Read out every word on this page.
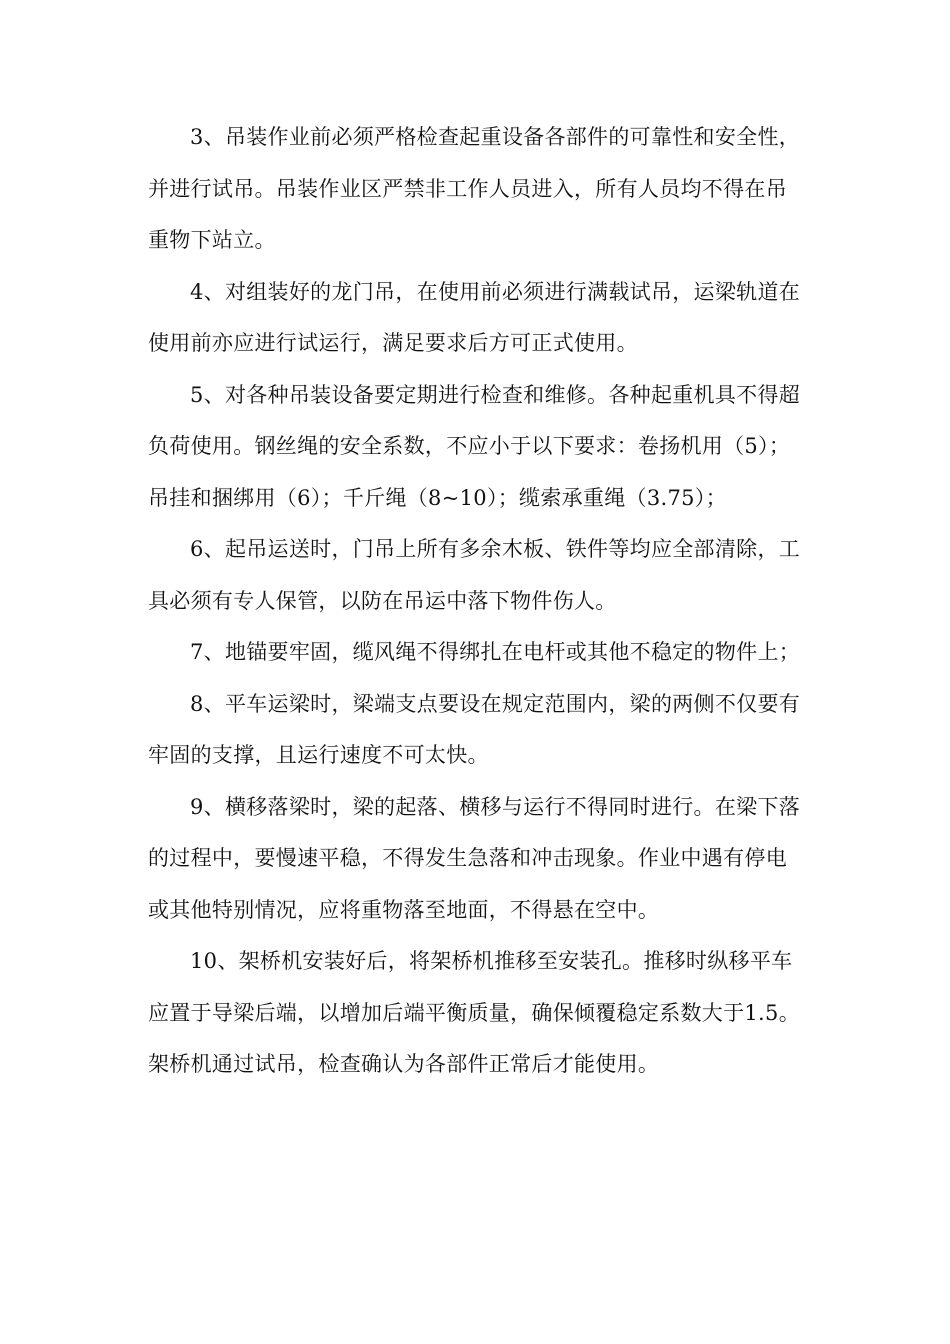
3、吊装作业前必须严格检查起重设备各部件的可靠性和安全性，并进行试吊。吊装作业区严禁非工作人员进入，所有人员均不得在吊重物下站立。

4、对组装好的龙门吊，在使用前必须进行满载试吊，运梁轨道在使用前亦应进行试运行，满足要求后方可正式使用。

5、对各种吊装设备要定期进行检查和维修。各种起重机具不得超负荷使用。钢丝绳的安全系数，不应小于以下要求：卷扬机用（5）；吊挂和捆绑用（6）；千斤绳（8~10）；缆索承重绳（3.75）；

6、起吊运送时，门吊上所有多余木板、铁件等均应全部清除，工具必须有专人保管，以防在吊运中落下物件伤人。

7、地锚要牢固，缆风绳不得绑扎在电杆或其他不稳定的物件上；

8、平车运梁时，梁端支点要设在规定范围内，梁的两侧不仅要有牢固的支撑，且运行速度不可太快。

9、横移落梁时，梁的起落、横移与运行不得同时进行。在梁下落的过程中，要慢速平稳，不得发生急落和冲击现象。作业中遇有停电或其他特别情况，应将重物落至地面，不得悬在空中。

10、架桥机安装好后，将架桥机推移至安装孔。推移时纵移平车应置于导梁后端，以增加后端平衡质量，确保倾覆稳定系数大于1.5。架桥机通过试吊，检查确认为各部件正常后才能使用。
